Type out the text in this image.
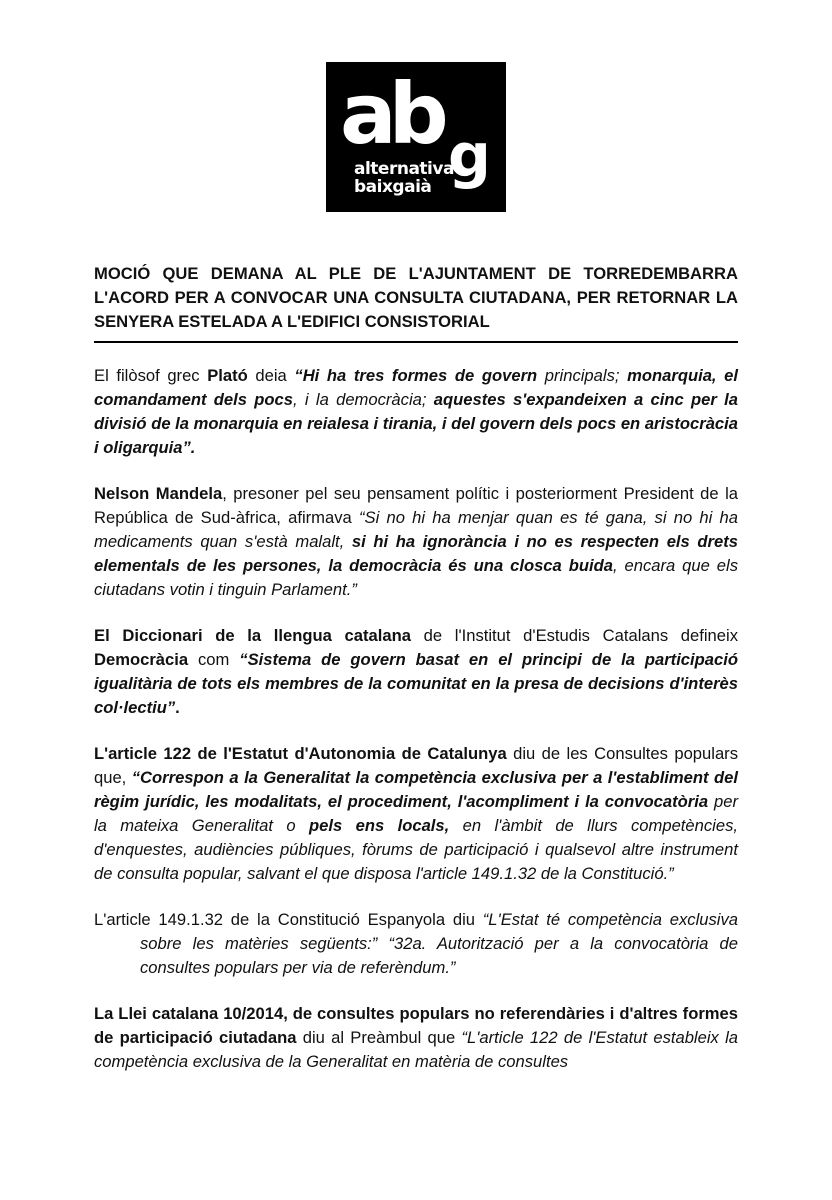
ab g
alternativa
baixgaià
MOCIÓ QUE DEMANA AL PLE DE L'AJUNTAMENT DE TORREDEMBARRA L'ACORD PER A CONVOCAR UNA CONSULTA CIUTADANA, PER RETORNAR LA SENYERA ESTELADA A L'EDIFICI CONSISTORIAL

El filòsof grec Plató deia “Hi ha tres formes de govern principals; monarquia, el comandament dels pocs, i la democràcia; aquestes s'expandeixen a cinc per la divisió de la monarquia en reialesa i tirania, i del govern dels pocs en aristocràcia i oligarquia”.

Nelson Mandela, presoner pel seu pensament polític i posteriorment President de la República de Sud-àfrica, afirmava “Si no hi ha menjar quan es té gana, si no hi ha medicaments quan s'està malalt, si hi ha ignorància i no es respecten els drets elementals de les persones, la democràcia és una closca buida, encara que els ciutadans votin i tinguin Parlament.”

El Diccionari de la llengua catalana de l'Institut d'Estudis Catalans defineix Democràcia com “Sistema de govern basat en el principi de la participació igualitària de tots els membres de la comunitat en la presa de decisions d'interès col·lectiu”.

L'article 122 de l'Estatut d'Autonomia de Catalunya diu de les Consultes populars que, “Correspon a la Generalitat la competència exclusiva per a l'establiment del règim jurídic, les modalitats, el procediment, l'acompliment i la convocatòria per la mateixa Generalitat o pels ens locals, en l'àmbit de llurs competències, d'enquestes, audiències públiques, fòrums de participació i qualsevol altre instrument de consulta popular, salvant el que disposa l'article 149.1.32 de la Constitució.”

L'article 149.1.32 de la Constitució Espanyola diu “L'Estat té competència exclusiva sobre les matèries següents:” “32a. Autorització per a la convocatòria de consultes populars per via de referèndum.”

La Llei catalana 10/2014, de consultes populars no referendàries i d'altres formes de participació ciutadana diu al Preàmbul que “L'article 122 de l'Estatut estableix la competència exclusiva de la Generalitat en matèria de consultes
